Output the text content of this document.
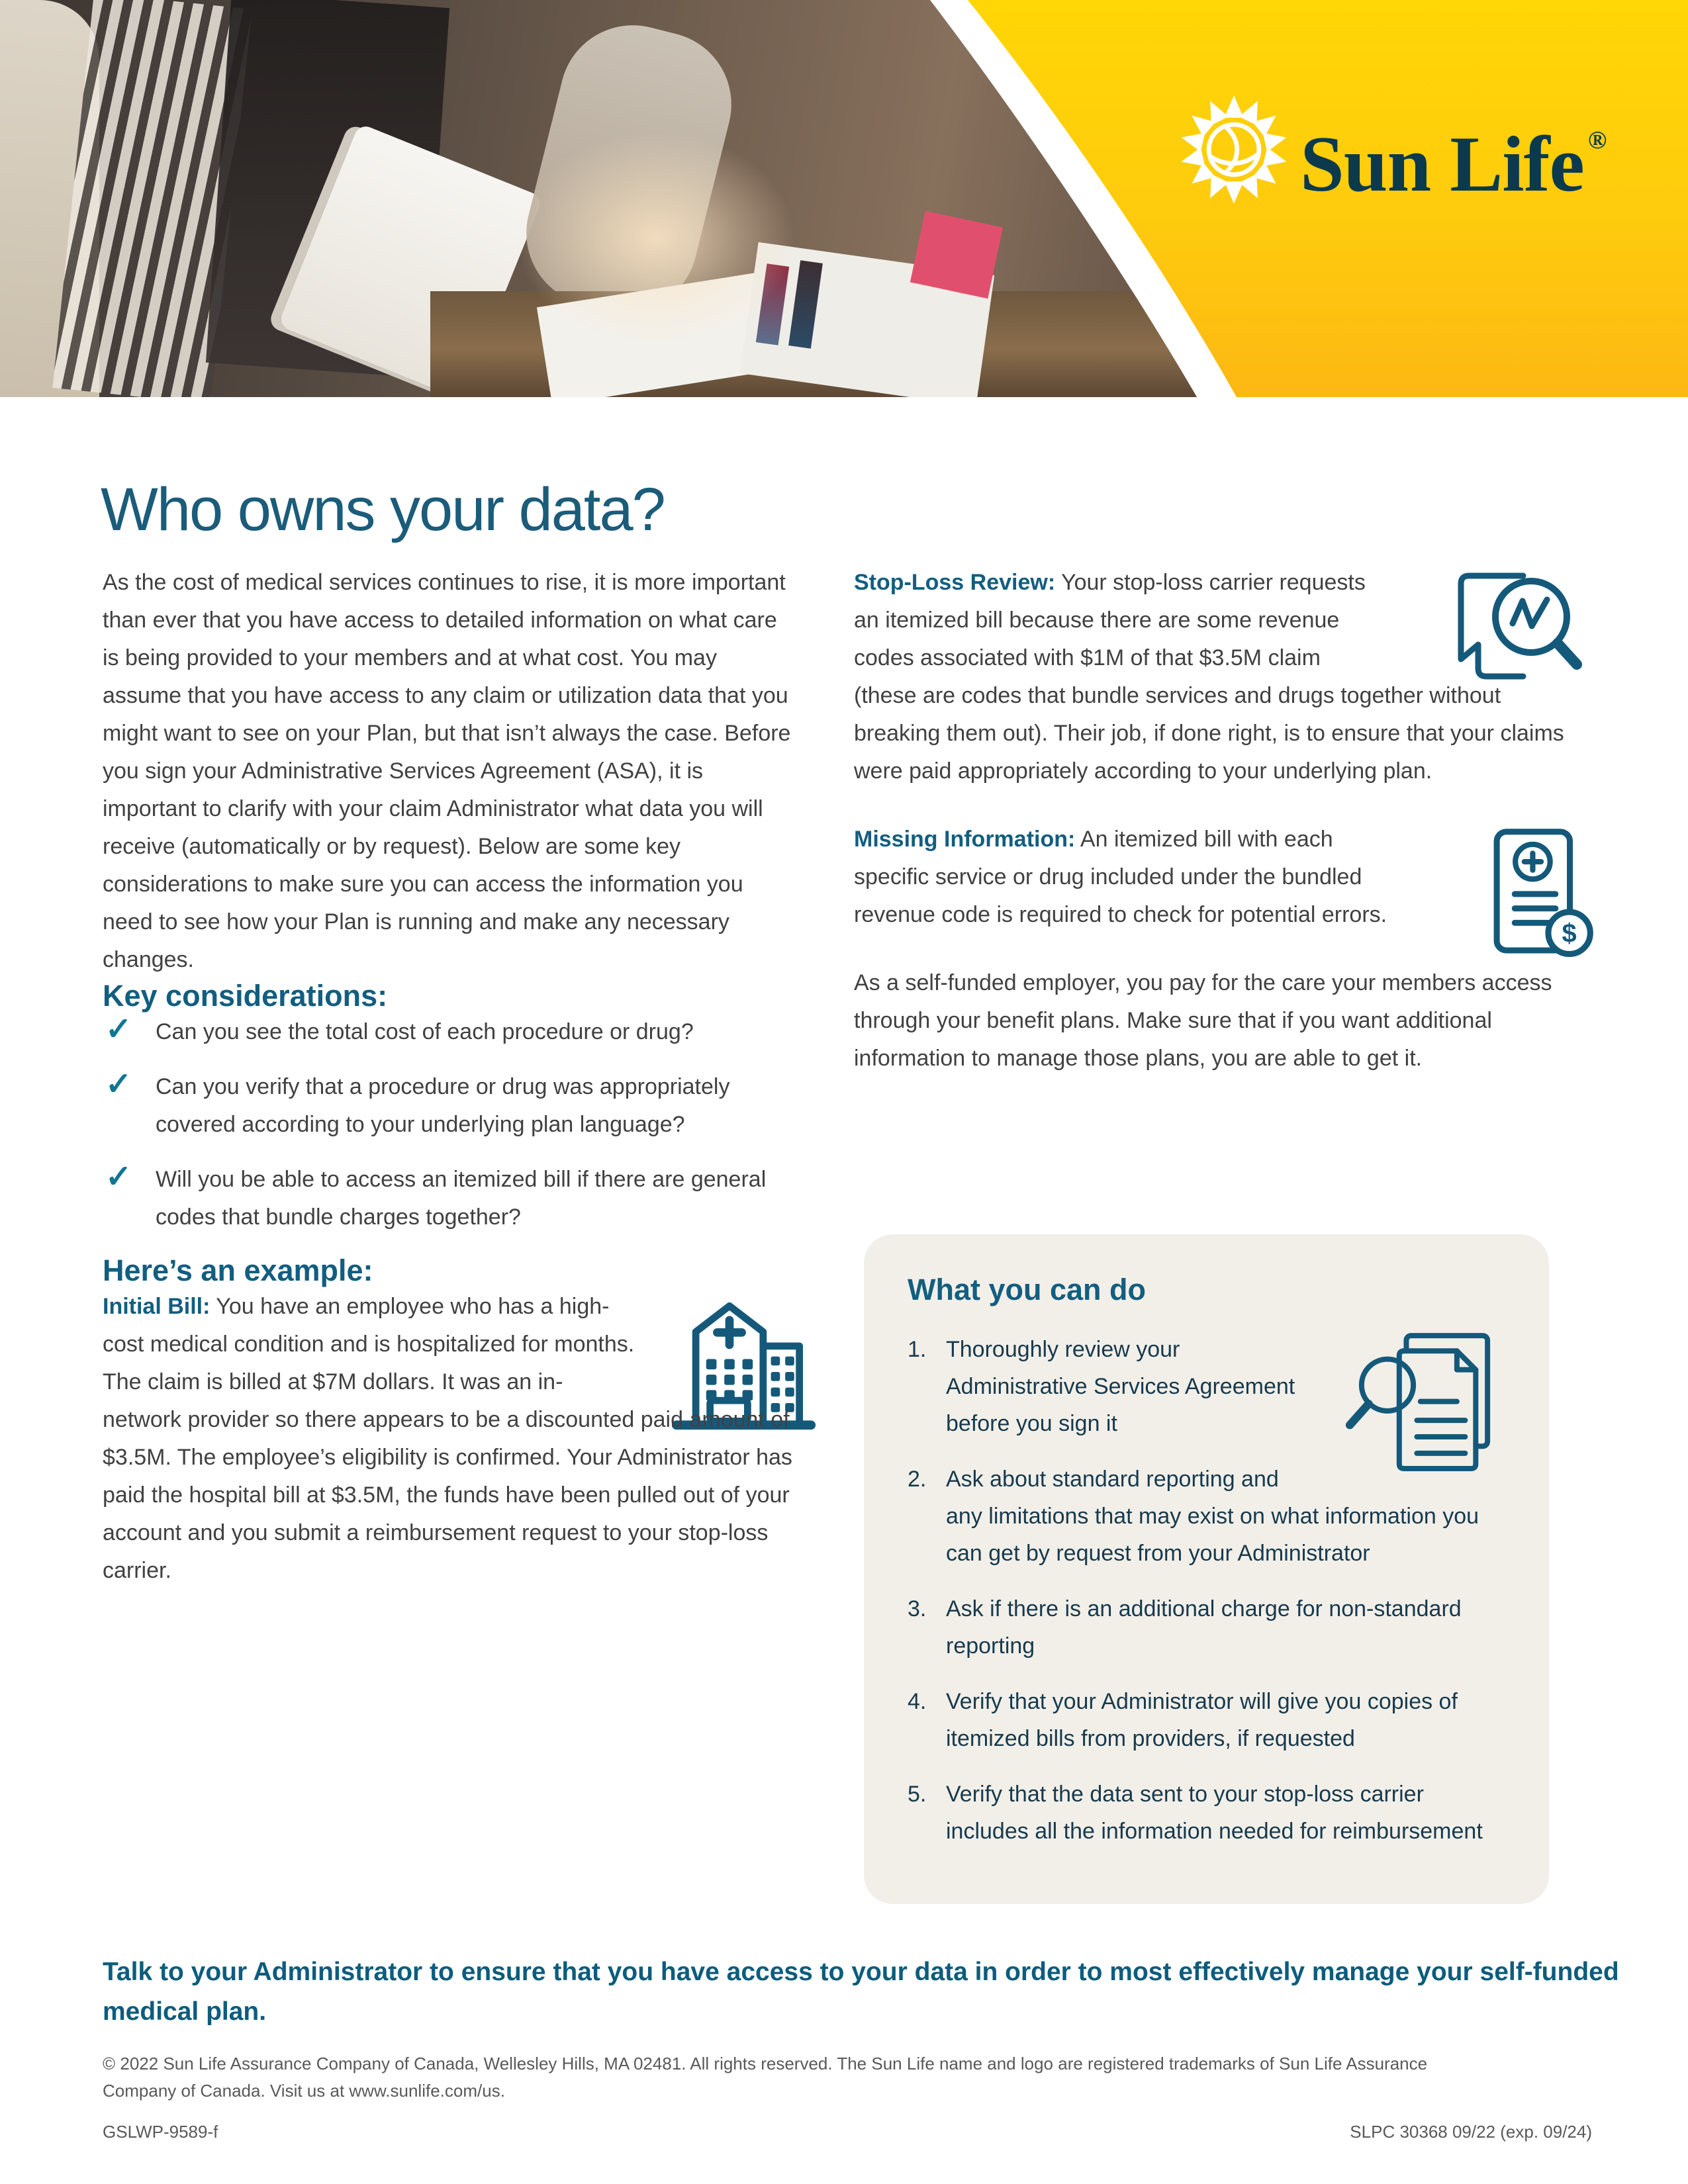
Sun Life ®
Who owns your data?

As the cost of medical services continues to rise, it is more important than ever that you have access to detailed information on what care is being provided to your members and at what cost. You may assume that you have access to any claim or utilization data that you might want to see on your Plan, but that isn’t always the case. Before you sign your Administrative Services Agreement (ASA), it is important to clarify with your claim Administrator what data you will receive (automatically or by request). Below are some key considerations to make sure you can access the information you need to see how your Plan is running and make any necessary changes.

Key considerations:
✓ Can you see the total cost of each procedure or drug?
✓ Can you verify that a procedure or drug was appropriately covered according to your underlying plan language?
✓ Will you be able to access an itemized bill if there are general codes that bundle charges together?
Here’s an example:

Initial Bill: You have an employee who has a high-cost medical condition and is hospitalized for months. The claim is billed at $7M dollars. It was an in-network provider so there appears to be a discounted paid amount of $3.5M. The employee’s eligibility is confirmed. Your Administrator has paid the hospital bill at $3.5M, the funds have been pulled out of your account and you submit a reimbursement request to your stop-loss carrier.

Stop-Loss Review: Your stop-loss carrier requests an itemized bill because there are some revenue codes associated with $1M of that $3.5M claim (these are codes that bundle services and drugs together without breaking them out). Their job, if done right, is to ensure that your claims were paid appropriately according to your underlying plan.

$
Missing Information: An itemized bill with each specific service or drug included under the bundled revenue code is required to check for potential errors.

As a self-funded employer, you pay for the care your members access through your benefit plans. Make sure that if you want additional information to manage those plans, you are able to get it.

What you can do
Thoroughly review your Administrative Services Agreement before you sign it
Ask about standard reporting and any limitations that may exist on what information you can get by request from your Administrator
Ask if there is an additional charge for non-standard reporting
Verify that your Administrator will give you copies of itemized bills from providers, if requested
Verify that the data sent to your stop-loss carrier includes all the information needed for reimbursement
Talk to your Administrator to ensure that you have access to your data in order to most effectively manage your self-funded medical plan.

© 2022 Sun Life Assurance Company of Canada, Wellesley Hills, MA 02481. All rights reserved. The Sun Life name and logo are registered trademarks of Sun Life Assurance Company of Canada. Visit us at www.sunlife.com/us.

GSLWP-9589-f	SLPC 30368 09/22 (exp. 09/24)
